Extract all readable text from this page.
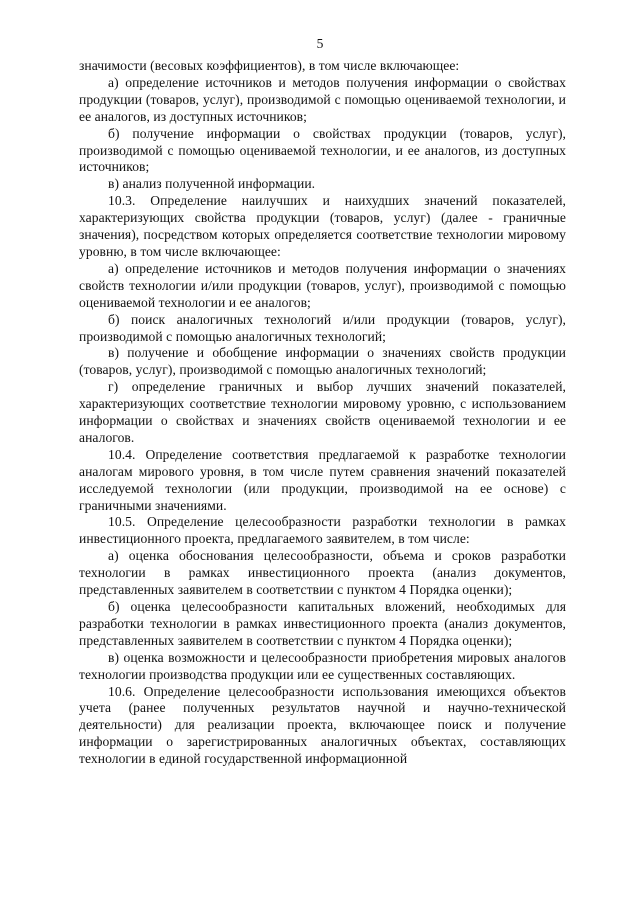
5

значимости (весовых коэффициентов), в том числе включающее:

а) определение источников и методов получения информации о свойствах продукции (товаров, услуг), производимой с помощью оцениваемой технологии, и ее аналогов, из доступных источников;

б) получение информации о свойствах продукции (товаров, услуг), производимой с помощью оцениваемой технологии, и ее аналогов, из доступных источников;

в) анализ полученной информации.

10.3. Определение наилучших и наихудших значений показателей, характеризующих свойства продукции (товаров, услуг) (далее - граничные значения), посредством которых определяется соответствие технологии мировому уровню, в том числе включающее:

а) определение источников и методов получения информации о значениях свойств технологии и/или продукции (товаров, услуг), производимой с помощью оцениваемой технологии и ее аналогов;

б) поиск аналогичных технологий и/или продукции (товаров, услуг), производимой с помощью аналогичных технологий;

в) получение и обобщение информации о значениях свойств продукции (товаров, услуг), производимой с помощью аналогичных технологий;

г) определение граничных и выбор лучших значений показателей, характеризующих соответствие технологии мировому уровню, с использованием информации о свойствах и значениях свойств оцениваемой технологии и ее аналогов.

10.4. Определение соответствия предлагаемой к разработке технологии аналогам мирового уровня, в том числе путем сравнения значений показателей исследуемой технологии (или продукции, производимой на ее основе) с граничными значениями.

10.5. Определение целесообразности разработки технологии в рамках инвестиционного проекта, предлагаемого заявителем, в том числе:

а) оценка обоснования целесообразности, объема и сроков разработки технологии в рамках инвестиционного проекта (анализ документов, представленных заявителем в соответствии с пунктом 4 Порядка оценки);

б) оценка целесообразности капитальных вложений, необходимых для разработки технологии в рамках инвестиционного проекта (анализ документов, представленных заявителем в соответствии с пунктом 4 Порядка оценки);

в) оценка возможности и целесообразности приобретения мировых аналогов технологии производства продукции или ее существенных составляющих.

10.6. Определение целесообразности использования имеющихся объектов учета (ранее полученных результатов научной и научно-технической деятельности) для реализации проекта, включающее поиск и получение информации о зарегистрированных аналогичных объектах, составляющих технологии в единой государственной информационной
